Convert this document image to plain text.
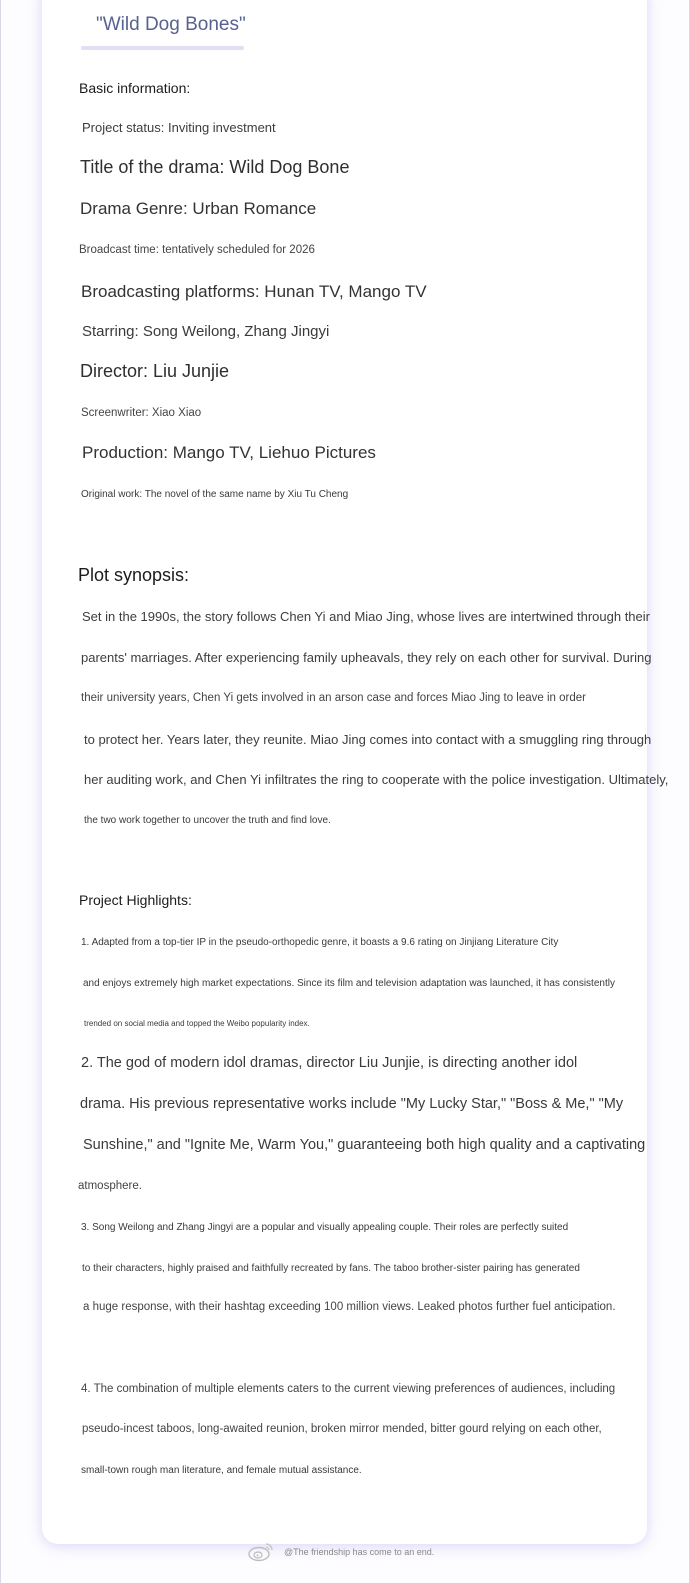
"Wild Dog Bones"
Basic information:
Project status: Inviting investment
Title of the drama: Wild Dog Bone
Drama Genre: Urban Romance
Broadcast time: tentatively scheduled for 2026
Broadcasting platforms: Hunan TV, Mango TV
Starring: Song Weilong, Zhang Jingyi
Director: Liu Junjie
Screenwriter: Xiao Xiao
Production: Mango TV, Liehuo Pictures
Original work: The novel of the same name by Xiu Tu Cheng
Plot synopsis:
Set in the 1990s, the story follows Chen Yi and Miao Jing, whose lives are intertwined through their
parents' marriages. After experiencing family upheavals, they rely on each other for survival. During
their university years, Chen Yi gets involved in an arson case and forces Miao Jing to leave in order
to protect her. Years later, they reunite. Miao Jing comes into contact with a smuggling ring through
her auditing work, and Chen Yi infiltrates the ring to cooperate with the police investigation. Ultimately,
the two work together to uncover the truth and find love.
Project Highlights:
1. Adapted from a top-tier IP in the pseudo-orthopedic genre, it boasts a 9.6 rating on Jinjiang Literature City
and enjoys extremely high market expectations. Since its film and television adaptation was launched, it has consistently
trended on social media and topped the Weibo popularity index.
2. The god of modern idol dramas, director Liu Junjie, is directing another idol
drama. His previous representative works include "My Lucky Star," "Boss & Me," "My
Sunshine," and "Ignite Me, Warm You," guaranteeing both high quality and a captivating
atmosphere.
3. Song Weilong and Zhang Jingyi are a popular and visually appealing couple. Their roles are perfectly suited
to their characters, highly praised and faithfully recreated by fans. The taboo brother-sister pairing has generated
a huge response, with their hashtag exceeding 100 million views. Leaked photos further fuel anticipation.
4. The combination of multiple elements caters to the current viewing preferences of audiences, including
pseudo-incest taboos, long-awaited reunion, broken mirror mended, bitter gourd relying on each other,
small-town rough man literature, and female mutual assistance.
@The friendship has come to an end.
